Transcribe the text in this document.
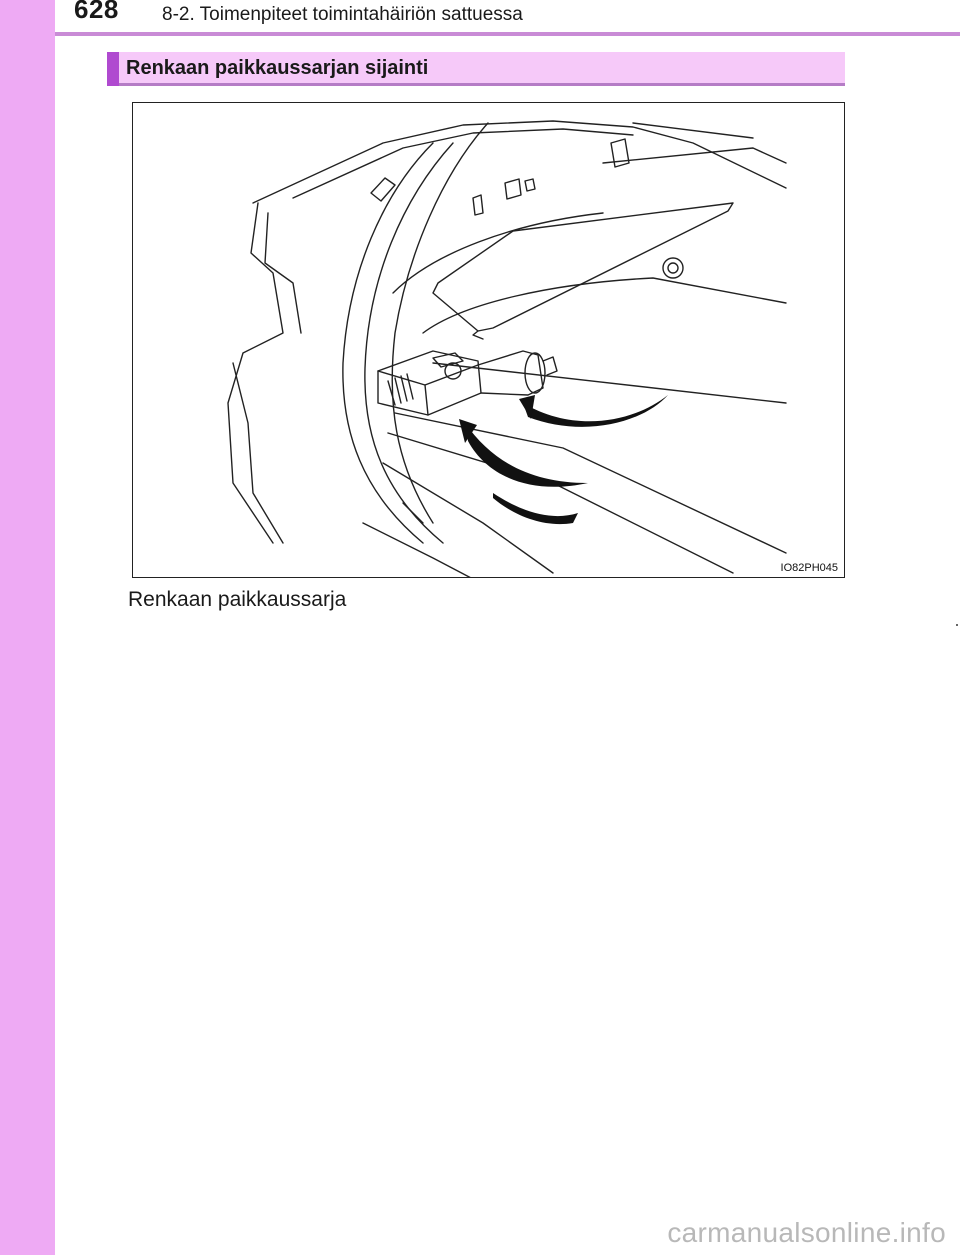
628 8-2. Toimenpiteet toimintahäiriön sattuessa
Renkaan paikkaussarjan sijainti
IO82PH045
Renkaan paikkaussarja
carmanualsonline.info
